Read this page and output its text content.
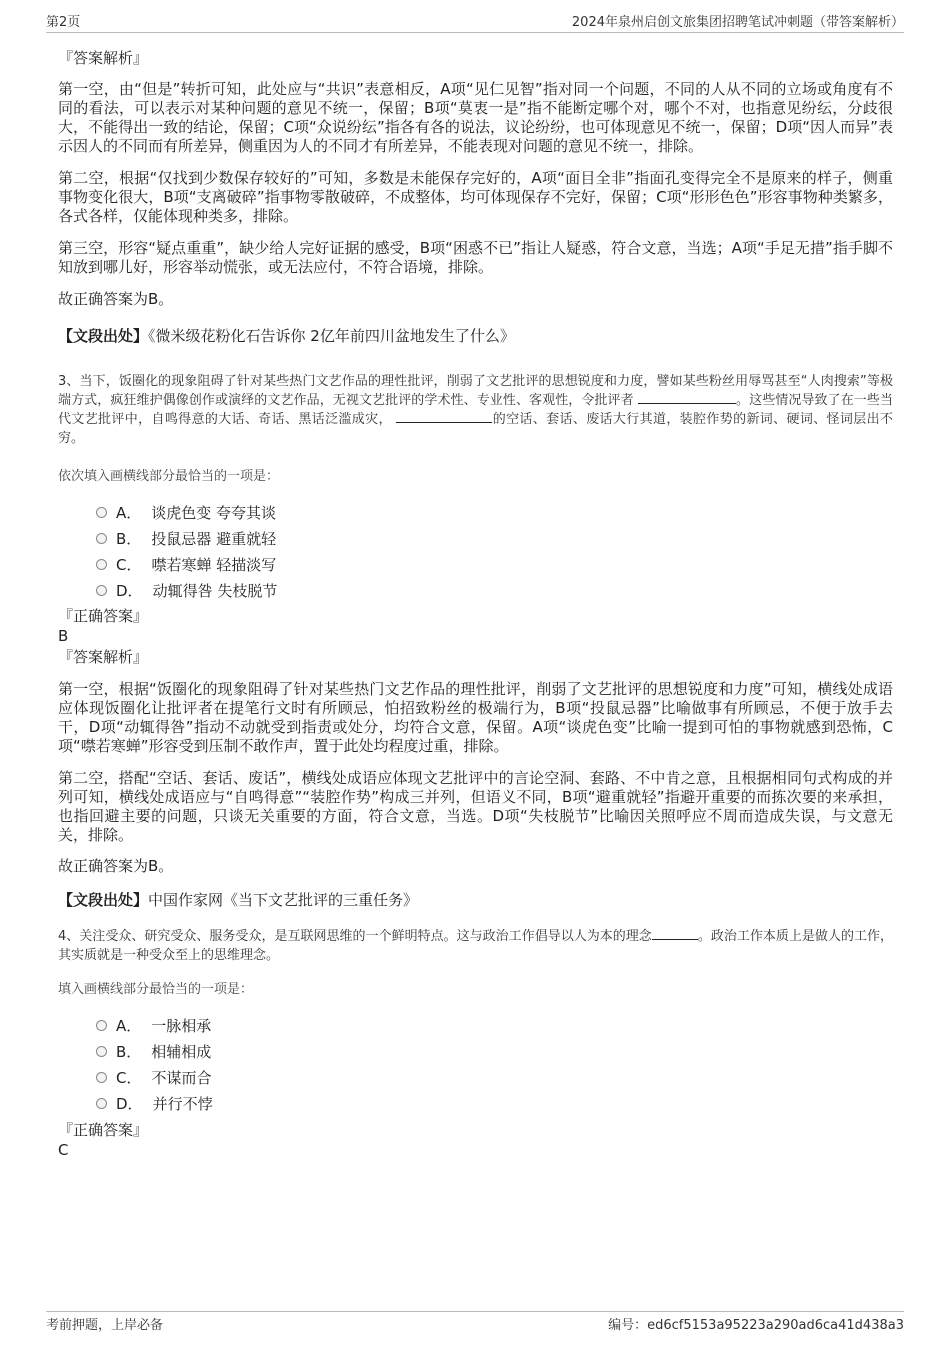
第2页	2024年泉州启创文旅集团招聘笔试冲刺题（带答案解析）
『答案解析』
第一空，由“但是”转折可知，此处应与“共识”表意相反，A项“见仁见智”指对同一个问题，不同的人从不同的立场或角度有不同的看法，可以表示对某种问题的意见不统一，保留；B项“莫衷一是”指不能断定哪个对，哪个不对，也指意见纷纭，分歧很大，不能得出一致的结论，保留；C项“众说纷纭”指各有各的说法，议论纷纷，也可体现意见不统一，保留；D项“因人而异”表示因人的不同而有所差异，侧重因为人的不同才有所差异，不能表现对问题的意见不统一，排除。
第二空，根据“仅找到少数保存较好的”可知，多数是未能保存完好的，A项“面目全非”指面孔变得完全不是原来的样子，侧重事物变化很大，B项“支离破碎”指事物零散破碎，不成整体，均可体现保存不完好，保留；C项“形形色色”形容事物种类繁多，各式各样，仅能体现种类多，排除。
第三空，形容“疑点重重”，缺少给人完好证据的感受，B项“困惑不已”指让人疑惑，符合文意，当选；A项“手足无措”指手脚不知放到哪儿好，形容举动慌张，或无法应付，不符合语境，排除。
故正确答案为B。
【文段出处】《微米级花粉化石告诉你 2亿年前四川盆地发生了什么》
3、当下，饭圈化的现象阻碍了针对某些热门文艺作品的理性批评，削弱了文艺批评的思想锐度和力度，譬如某些粉丝用辱骂甚至“人肉搜索”等极端方式，疯狂维护偶像创作或演绎的文艺作品，无视文艺批评的学术性、专业性、客观性，令批评者	。这些情况导致了在一些当代文艺批评中，自鸣得意的大话、奇话、黑话泛滥成灾，	的空话、套话、废话大行其道，装腔作势的新词、硬词、怪词层出不穷。
依次填入画横线部分最恰当的一项是：
A． 谈虎色变 夸夸其谈
B． 投鼠忌器 避重就轻
C． 噤若寒蝉 轻描淡写
D． 动辄得咎 失枝脱节
『正确答案』
B
『答案解析』
第一空，根据“饭圈化的现象阻碍了针对某些热门文艺作品的理性批评，削弱了文艺批评的思想锐度和力度”可知，横线处成语应体现饭圈化让批评者在提笔行文时有所顾忌，怕招致粉丝的极端行为，B项“投鼠忌器”比喻做事有所顾忌，不便于放手去干，D项“动辄得咎”指动不动就受到指责或处分，均符合文意，保留。A项“谈虎色变”比喻一提到可怕的事物就感到恐怖，C项“噤若寒蝉”形容受到压制不敢作声，置于此处均程度过重，排除。
第二空，搭配“空话、套话、废话”，横线处成语应体现文艺批评中的言论空洞、套路、不中肯之意，且根据相同句式构成的并列可知，横线处成语应与“自鸣得意”“装腔作势”构成三并列，但语义不同，B项“避重就轻”指避开重要的而拣次要的来承担，也指回避主要的问题，只谈无关重要的方面，符合文意，当选。D项“失枝脱节”比喻因关照呼应不周而造成失误，与文意无关，排除。
故正确答案为B。
【文段出处】中国作家网《当下文艺批评的三重任务》
4、关注受众、研究受众、服务受众，是互联网思维的一个鲜明特点。这与政治工作倡导以人为本的理念	。政治工作本质上是做人的工作，其实质就是一种受众至上的思维理念。
填入画横线部分最恰当的一项是：
A． 一脉相承
B． 相辅相成
C． 不谋而合
D． 并行不悖
『正确答案』
C
考前押题，上岸必备	编号：ed6cf5153a95223a290ad6ca41d438a3
